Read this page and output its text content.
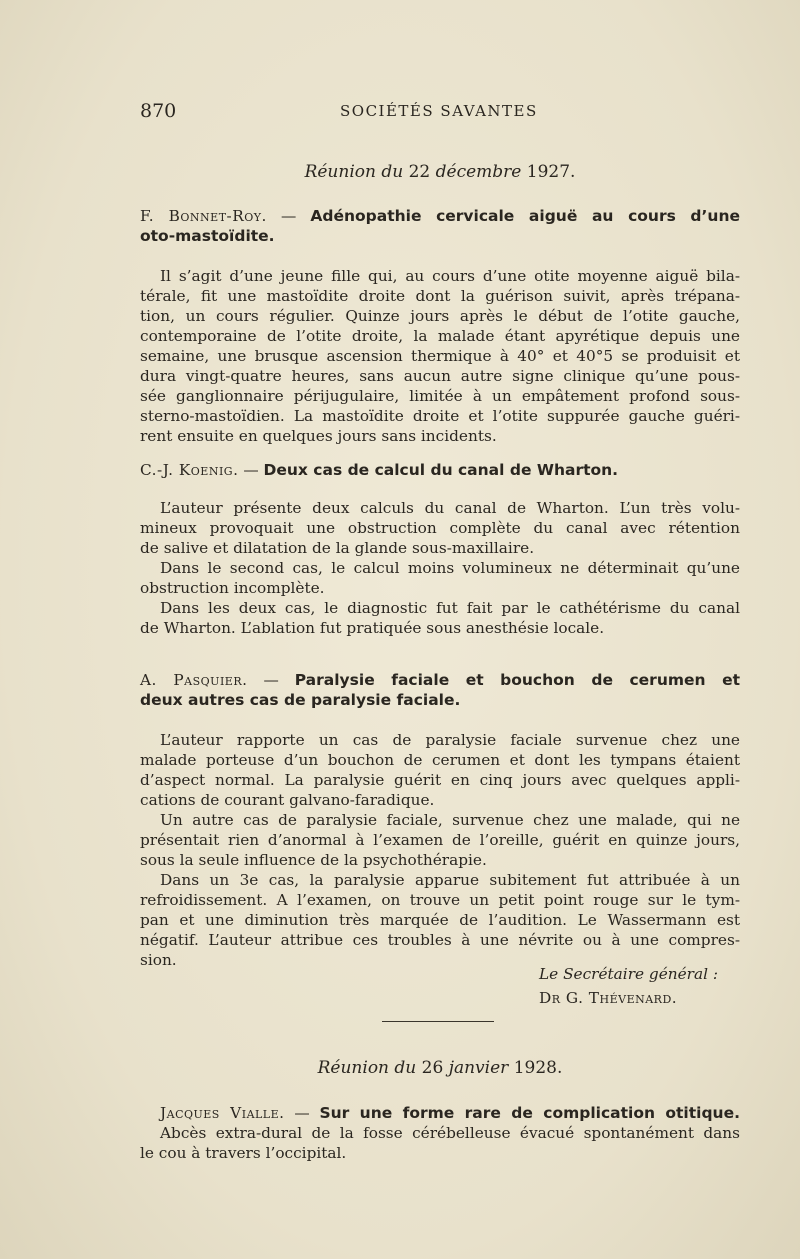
870	SOCIÉTÉS SAVANTES
Réunion du 22 décembre 1927.
F. Bonnet-Roy. — Adénopathie cervicale aiguë au cours d’une
oto-mastoïdite.
Il s’agit d’une jeune fille qui, au cours d’une otite moyenne aiguë bila-
térale, fit une mastoïdite droite dont la guérison suivit, après trépana-
tion, un cours régulier. Quinze jours après le début de l’otite gauche,
contemporaine de l’otite droite, la malade étant apyrétique depuis une
semaine, une brusque ascension thermique à 40° et 40°5 se produisit et
dura vingt-quatre heures, sans aucun autre signe clinique qu’une pous-
sée ganglionnaire périjugulaire, limitée à un empâtement profond sous-
sterno-mastoïdien. La mastoïdite droite et l’otite suppurée gauche guéri-
rent ensuite en quelques jours sans incidents.
C.-J. Koenig. — Deux cas de calcul du canal de Wharton.
L’auteur présente deux calculs du canal de Wharton. L’un très volu-
mineux provoquait une obstruction complète du canal avec rétention
de salive et dilatation de la glande sous-maxillaire.
Dans le second cas, le calcul moins volumineux ne déterminait qu’une
obstruction incomplète.
Dans les deux cas, le diagnostic fut fait par le cathétérisme du canal
de Wharton. L’ablation fut pratiquée sous anesthésie locale.
A. Pasquier. — Paralysie faciale et bouchon de cerumen et
deux autres cas de paralysie faciale.
L’auteur rapporte un cas de paralysie faciale survenue chez une
malade porteuse d’un bouchon de cerumen et dont les tympans étaient
d’aspect normal. La paralysie guérit en cinq jours avec quelques appli-
cations de courant galvano-faradique.
Un autre cas de paralysie faciale, survenue chez une malade, qui ne
présentait rien d’anormal à l’examen de l’oreille, guérit en quinze jours,
sous la seule influence de la psychothérapie.
Dans un 3e cas, la paralysie apparue subitement fut attribuée à un
refroidissement. A l’examen, on trouve un petit point rouge sur le tym-
pan et une diminution très marquée de l’audition. Le Wassermann est
négatif. L’auteur attribue ces troubles à une névrite ou à une compres-
sion.
Le Secrétaire général :
Dr G. Thévenard.
Réunion du 26 janvier 1928.
Jacques Vialle. — Sur une forme rare de complication otitique.
Abcès extra-dural de la fosse cérébelleuse évacué spontanément dans
le cou à travers l’occipital.
